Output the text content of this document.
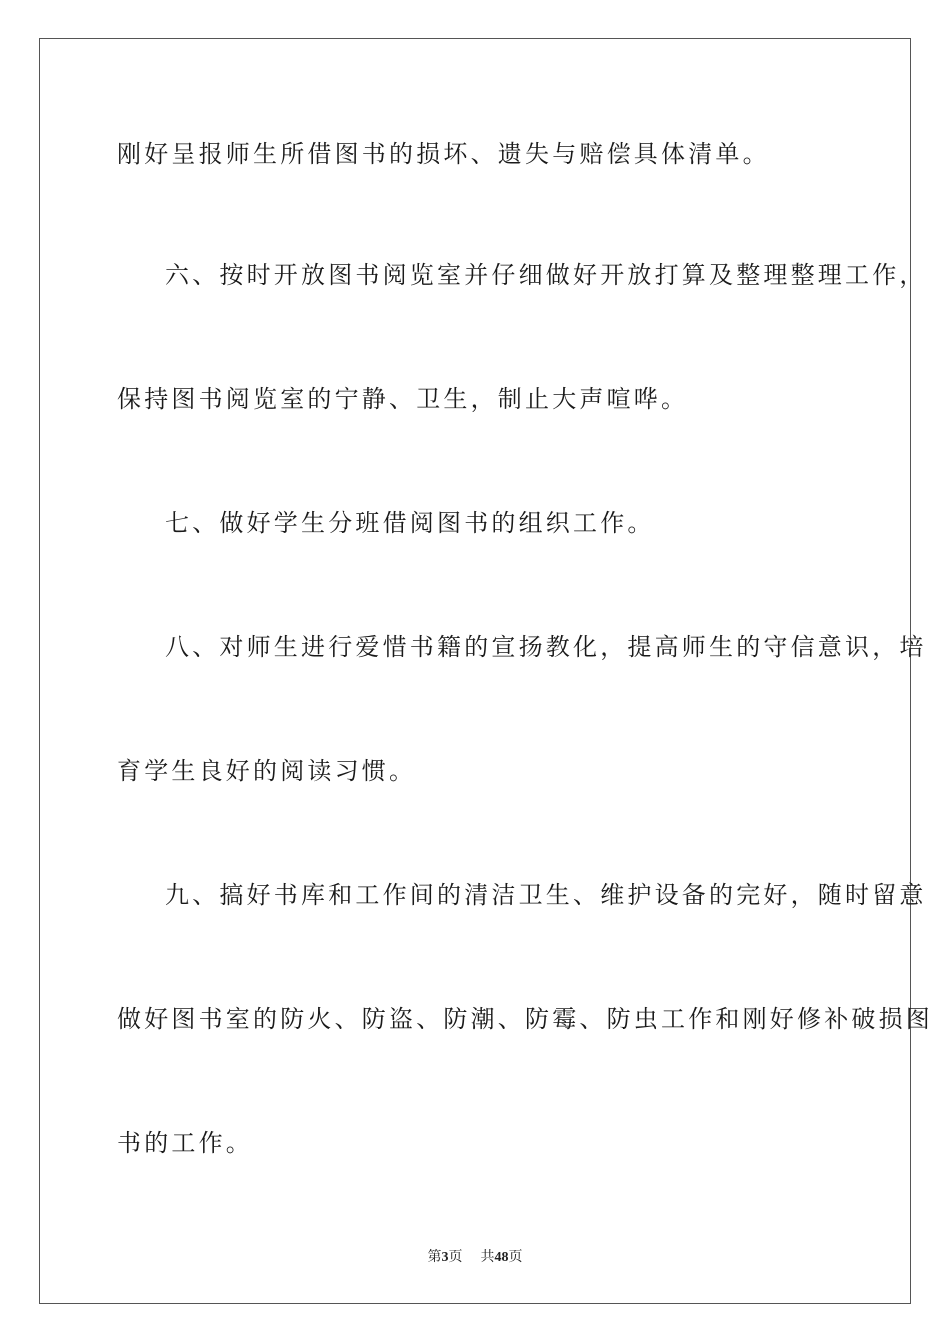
刚好呈报师生所借图书的损坏、遗失与赔偿具体清单。
六、按时开放图书阅览室并仔细做好开放打算及整理整理工作，
保持图书阅览室的宁静、卫生，制止大声喧哗。
七、做好学生分班借阅图书的组织工作。
八、对师生进行爱惜书籍的宣扬教化，提高师生的守信意识，培
育学生良好的阅读习惯。
九、搞好书库和工作间的清洁卫生、维护设备的完好，随时留意
做好图书室的防火、防盗、防潮、防霉、防虫工作和刚好修补破损图
书的工作。
第3页 共48页
